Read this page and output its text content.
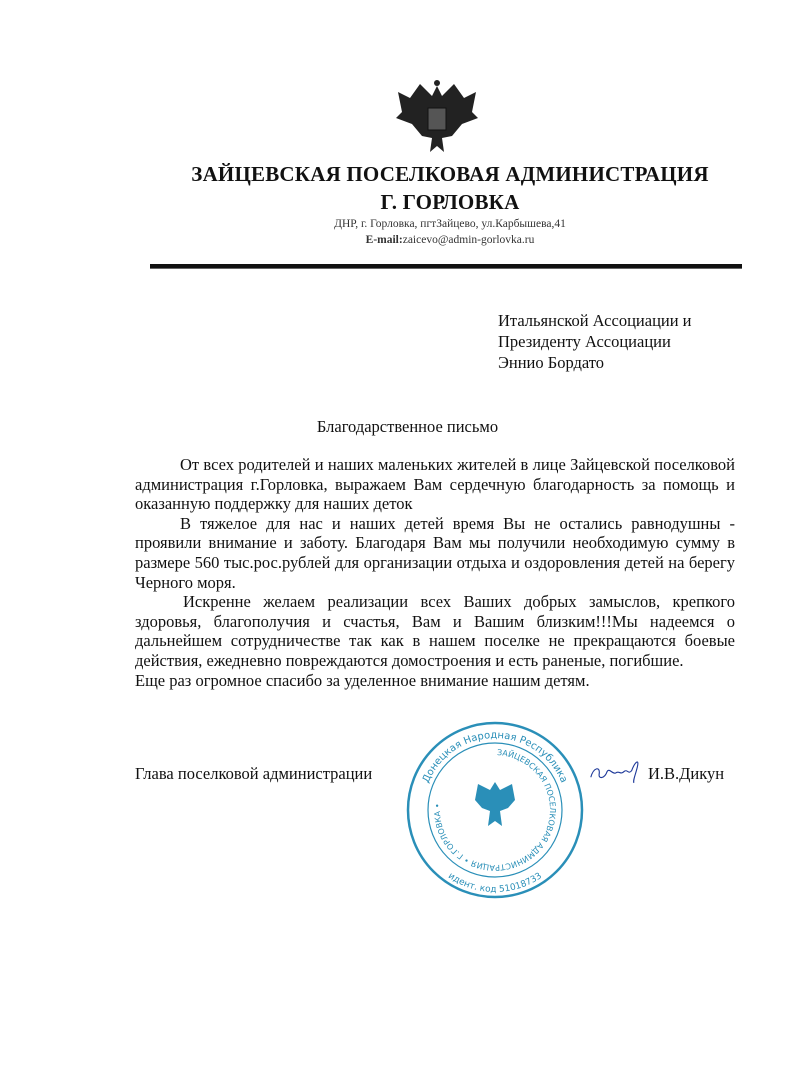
ЗАЙЦЕВСКАЯ ПОСЕЛКОВАЯ АДМИНИСТРАЦИЯ
Г. ГОРЛОВКА
ДНР, г. Горловка, пгтЗайцево, ул.Карбышева,41
E-mail:zaicevo@admin-gorlovka.ru
Итальянской Ассоциации и
Президенту Ассоциации
Эннио Бордато
Благодарственное письмо

От всех родителей и наших маленьких жителей в лице Зайцевской поселковой администрация г.Горловка, выражаем Вам сердечную благодарность за помощь и оказанную поддержку для наших деток

В тяжелое для нас и наших детей время Вы не остались равнодушны - проявили внимание и заботу. Благодаря Вам мы получили необходимую сумму в размере 560 тыс.рос.рублей для организации отдыха и оздоровления детей на берегу Черного моря.

Искренне желаем реализации всех Ваших добрых замыслов, крепкого здоровья, благополучия и счастья, Вам и Вашим близким!!!Мы надеемся о дальнейшем сотрудничестве так как в нашем поселке не прекращаются боевые действия, ежедневно повреждаются домостроения и есть раненые, погибшие.

Еще раз огромное спасибо за уделенное внимание нашим детям.

Глава поселковой администрации	И.В.Дикун
Донецкая Народная Республика
идент. код 51018733
ЗАЙЦЕВСКАЯ ПОСЕЛКОВАЯ АДМИНИСТРАЦИЯ • Г.ГОРЛОВКА •
